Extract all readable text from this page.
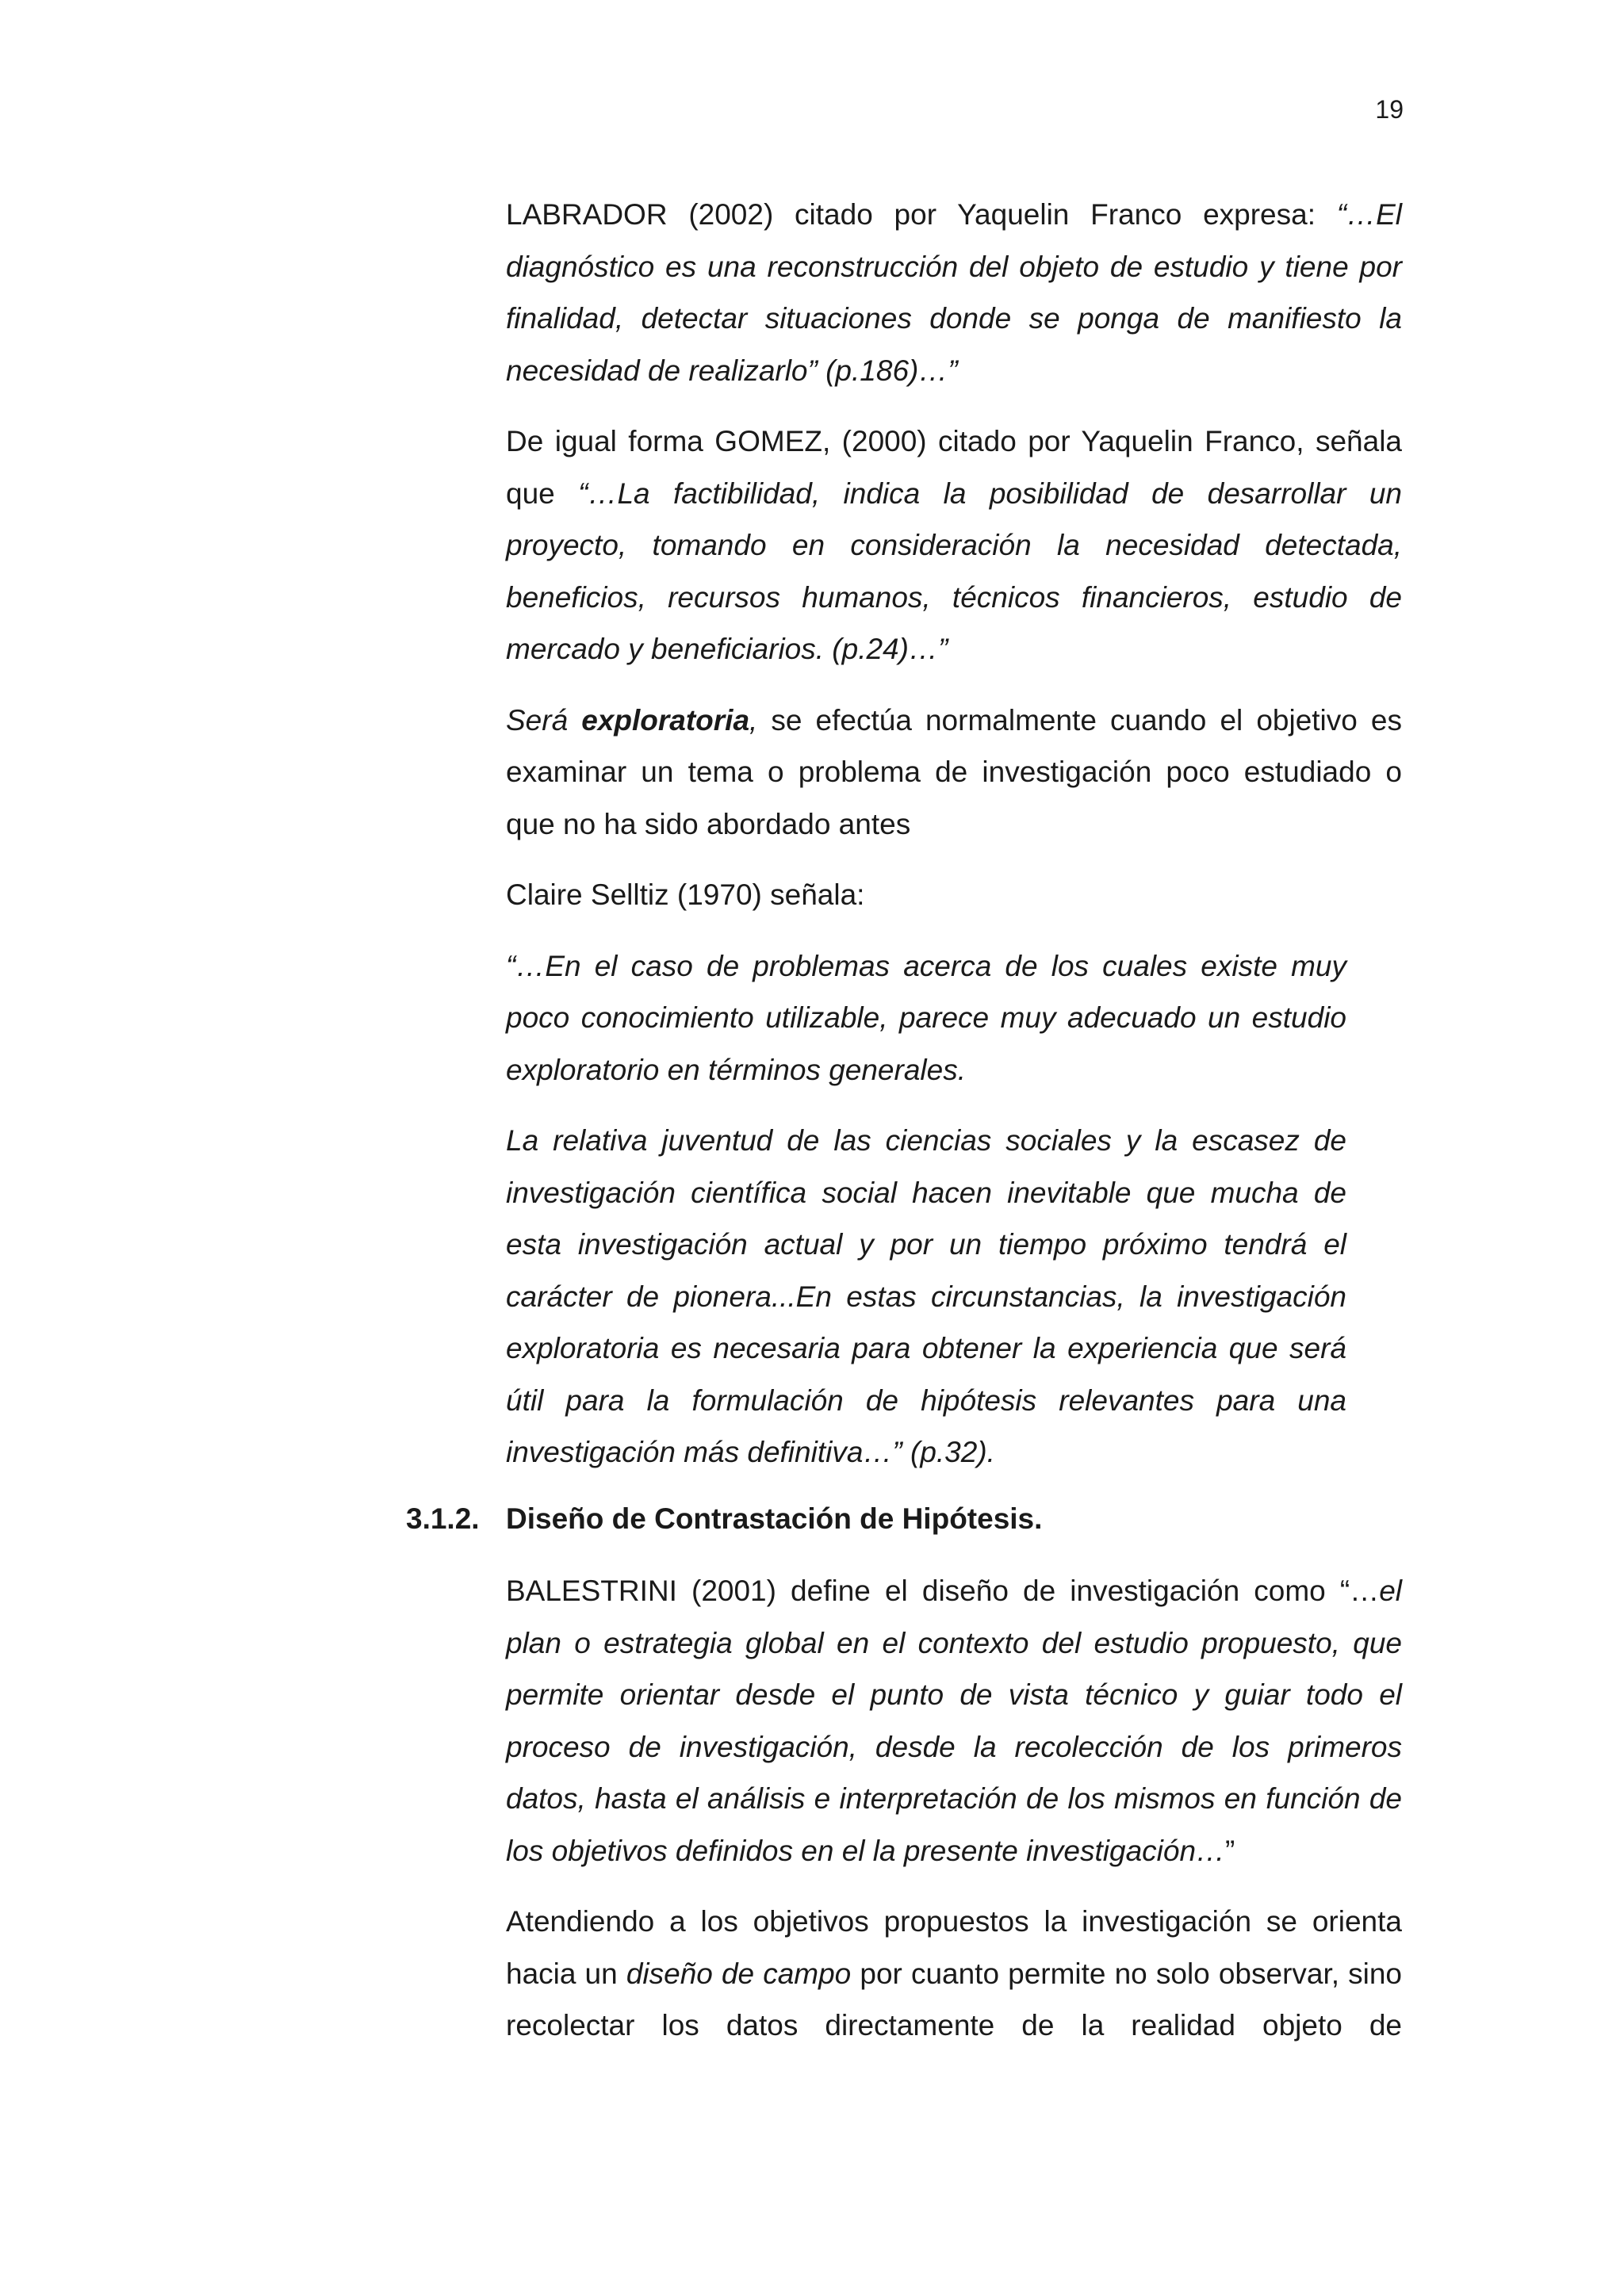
19

LABRADOR (2002) citado por Yaquelin Franco expresa: “…El diagnóstico es una reconstrucción del objeto de estudio y tiene por finalidad, detectar situaciones donde se ponga de manifiesto la necesidad de realizarlo” (p.186)…”

De igual forma GOMEZ, (2000) citado por Yaquelin Franco, señala que “…La factibilidad, indica la posibilidad de desarrollar un proyecto, tomando en consideración la necesidad detectada, beneficios, recursos humanos, técnicos financieros, estudio de mercado y beneficiarios. (p.24)…”

Será exploratoria, se efectúa normalmente cuando el objetivo es examinar un tema o problema de investigación poco estudiado o que no ha sido abordado antes

Claire Selltiz (1970) señala:

“…En el caso de problemas acerca de los cuales existe muy poco conocimiento utilizable, parece muy adecuado un estudio exploratorio en términos generales.

La relativa juventud de las ciencias sociales y la escasez de investigación científica social hacen inevitable que mucha de esta investigación actual y por un tiempo próximo tendrá el carácter de pionera...En estas circunstancias, la investigación exploratoria es necesaria para obtener la experiencia que será útil para la formulación de hipótesis relevantes para una investigación más definitiva…” (p.32).

3.1.2. Diseño de Contrastación de Hipótesis.

BALESTRINI (2001) define el diseño de investigación como “…el plan o estrategia global en el contexto del estudio propuesto, que permite orientar desde el punto de vista técnico y guiar todo el proceso de investigación, desde la recolección de los primeros datos, hasta el análisis e interpretación de los mismos en función de los objetivos definidos en el la presente investigación…”

Atendiendo a los objetivos propuestos la investigación se orienta hacia un diseño de campo por cuanto permite no solo observar, sino recolectar los datos directamente de la realidad objeto de
